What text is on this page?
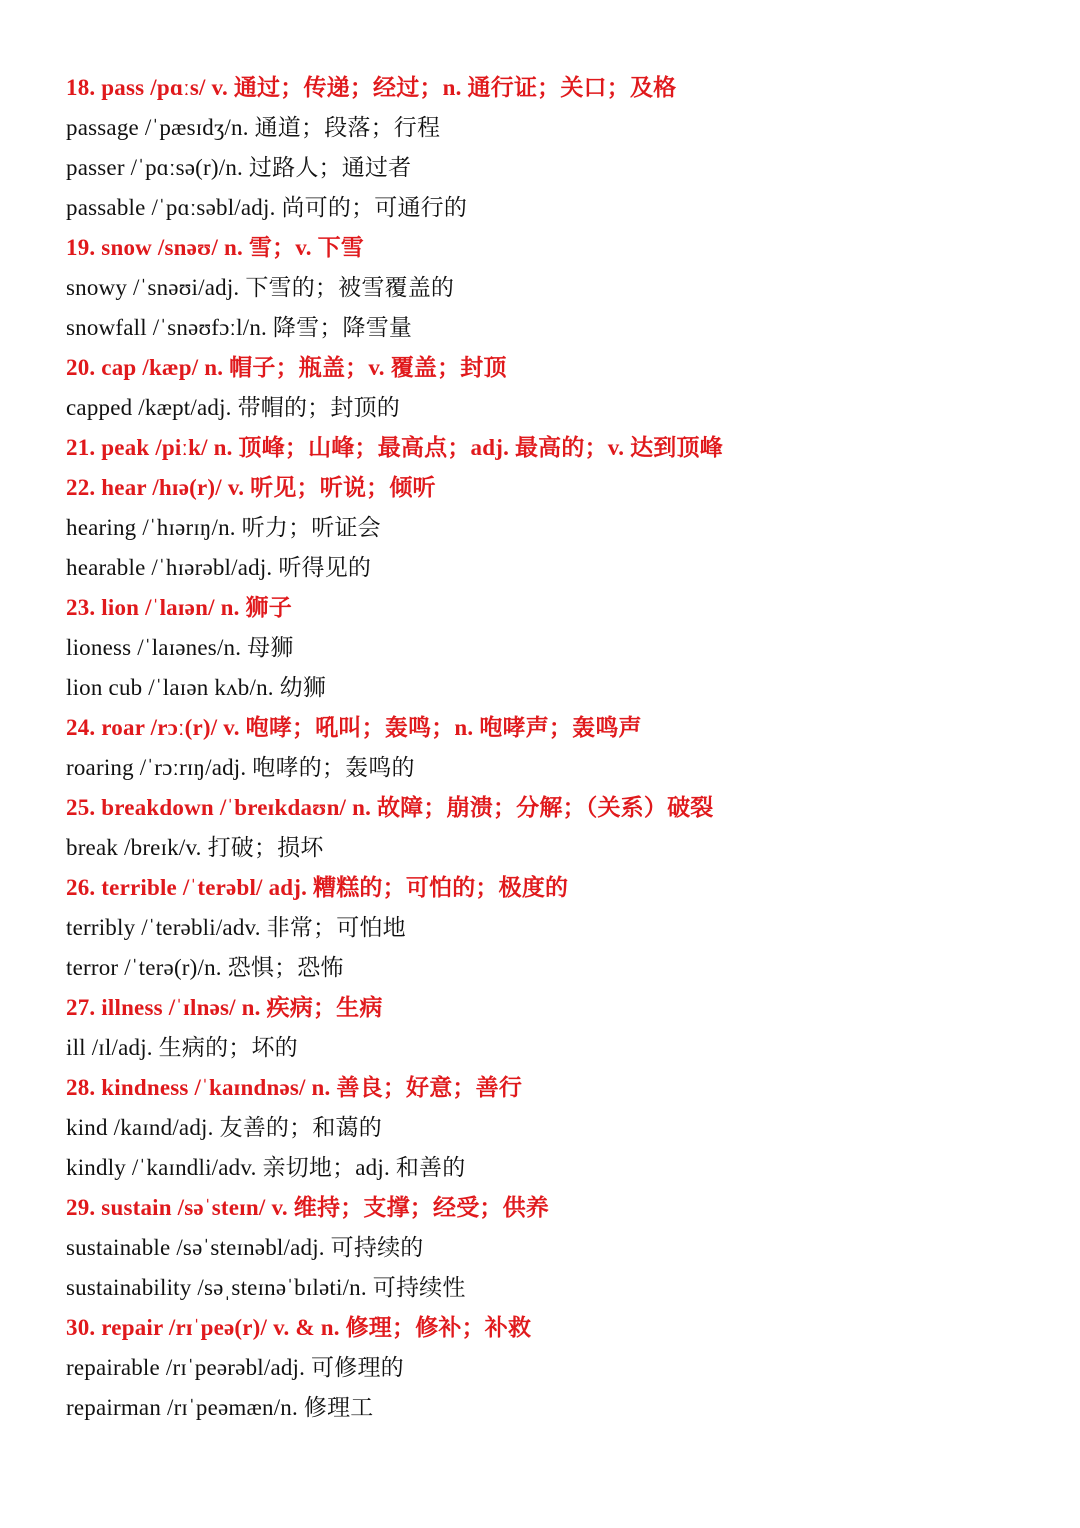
18. pass /pɑːs/ v. 通过；传递；经过；n. 通行证；关口；及格
passage /ˈpæsɪdʒ/n. 通道；段落；行程
passer /ˈpɑːsə(r)/n. 过路人；通过者
passable /ˈpɑːsəbl/adj. 尚可的；可通行的
19. snow /snəʊ/ n. 雪；v. 下雪
snowy /ˈsnəʊi/adj. 下雪的；被雪覆盖的
snowfall /ˈsnəʊfɔːl/n. 降雪；降雪量
20. cap /kæp/ n. 帽子；瓶盖；v. 覆盖；封顶
capped /kæpt/adj. 带帽的；封顶的
21. peak /piːk/ n. 顶峰；山峰；最高点；adj. 最高的；v. 达到顶峰
22. hear /hɪə(r)/ v. 听见；听说；倾听
hearing /ˈhɪərɪŋ/n. 听力；听证会
hearable /ˈhɪərəbl/adj. 听得见的
23. lion /ˈlaɪən/ n. 狮子
lioness /ˈlaɪənes/n. 母狮
lion cub /ˈlaɪən kʌb/n. 幼狮
24. roar /rɔː(r)/ v. 咆哮；吼叫；轰鸣；n. 咆哮声；轰鸣声
roaring /ˈrɔːrɪŋ/adj. 咆哮的；轰鸣的
25. breakdown /ˈbreɪkdaʊn/ n. 故障；崩溃；分解；（关系）破裂
break /breɪk/v. 打破；损坏
26. terrible /ˈterəbl/ adj. 糟糕的；可怕的；极度的
terribly /ˈterəbli/adv. 非常；可怕地
terror /ˈterə(r)/n. 恐惧；恐怖
27. illness /ˈɪlnəs/ n. 疾病；生病
ill /ɪl/adj. 生病的；坏的
28. kindness /ˈkaɪndnəs/ n. 善良；好意；善行
kind /kaɪnd/adj. 友善的；和蔼的
kindly /ˈkaɪndli/adv. 亲切地；adj. 和善的
29. sustain /səˈsteɪn/ v. 维持；支撑；经受；供养
sustainable /səˈsteɪnəbl/adj. 可持续的
sustainability /səˌsteɪnəˈbɪləti/n. 可持续性
30. repair /rɪˈpeə(r)/ v. & n. 修理；修补；补救
repairable /rɪˈpeərəbl/adj. 可修理的
repairman /rɪˈpeəmæn/n. 修理工
